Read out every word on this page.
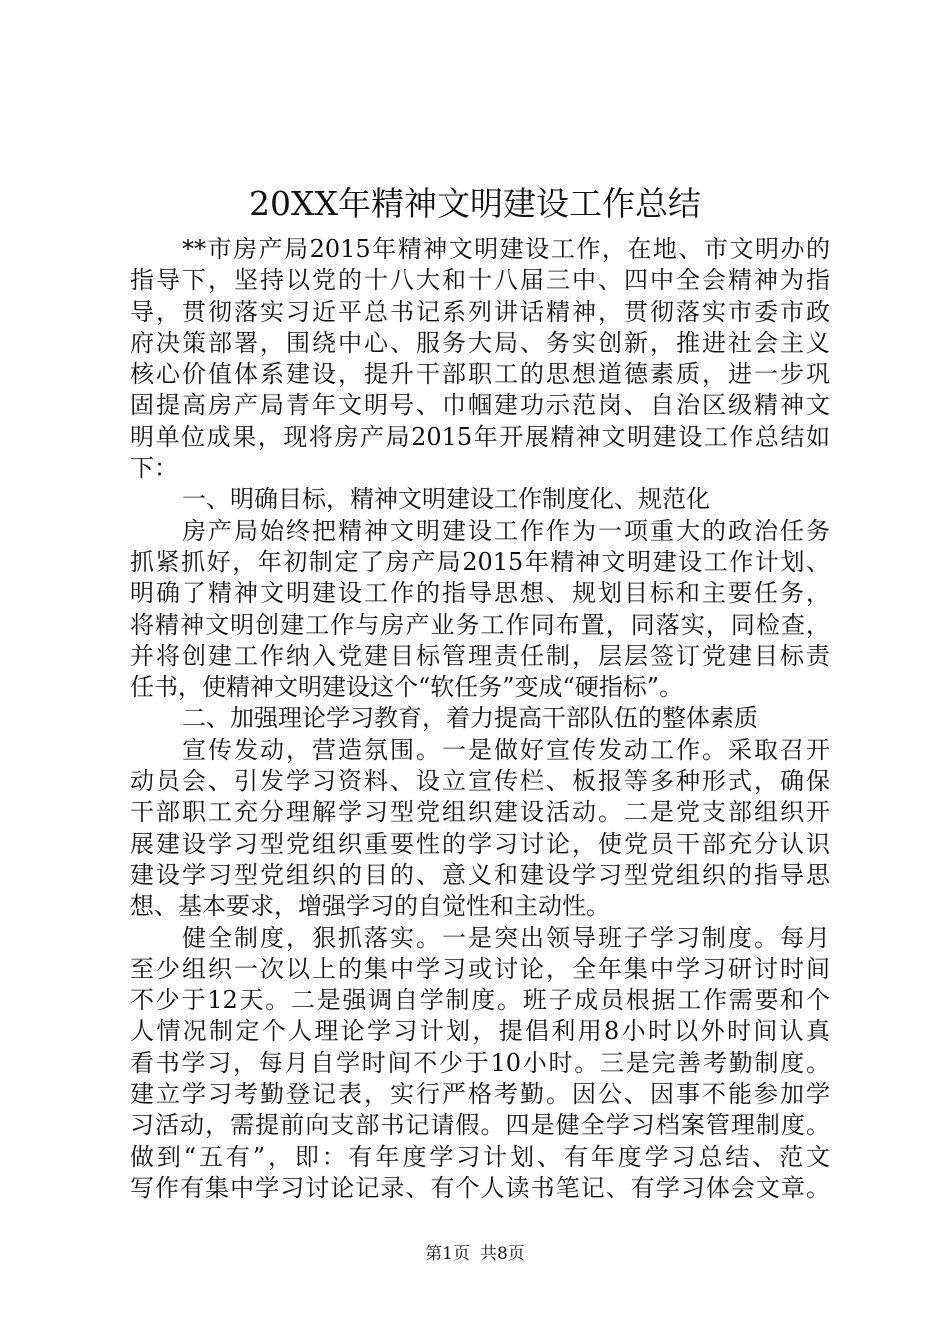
20XX年精神文明建设工作总结
**市房产局2015年精神文明建设工作，在地、市文明办的
指导下，坚持以党的十八大和十八届三中、四中全会精神为指
导，贯彻落实习近平总书记系列讲话精神，贯彻落实市委市政
府决策部署，围绕中心、服务大局、务实创新，推进社会主义
核心价值体系建设，提升干部职工的思想道德素质，进一步巩
固提高房产局青年文明号、巾帼建功示范岗、自治区级精神文
明单位成果，现将房产局2015年开展精神文明建设工作总结如
下：
一、明确目标，精神文明建设工作制度化、规范化
房产局始终把精神文明建设工作作为一项重大的政治任务
抓紧抓好，年初制定了房产局2015年精神文明建设工作计划、
明确了精神文明建设工作的指导思想、规划目标和主要任务，
将精神文明创建工作与房产业务工作同布置，同落实，同检查，
并将创建工作纳入党建目标管理责任制，层层签订党建目标责
任书，使精神文明建设这个“软任务”变成“硬指标”。
二、加强理论学习教育，着力提高干部队伍的整体素质
宣传发动，营造氛围。一是做好宣传发动工作。采取召开
动员会、引发学习资料、设立宣传栏、板报等多种形式，确保
干部职工充分理解学习型党组织建设活动。二是党支部组织开
展建设学习型党组织重要性的学习讨论，使党员干部充分认识
建设学习型党组织的目的、意义和建设学习型党组织的指导思
想、基本要求，增强学习的自觉性和主动性。
健全制度，狠抓落实。一是突出领导班子学习制度。每月
至少组织一次以上的集中学习或讨论，全年集中学习研讨时间
不少于12天。二是强调自学制度。班子成员根据工作需要和个
人情况制定个人理论学习计划，提倡利用8小时以外时间认真
看书学习，每月自学时间不少于10小时。三是完善考勤制度。
建立学习考勤登记表，实行严格考勤。因公、因事不能参加学
习活动，需提前向支部书记请假。四是健全学习档案管理制度。
做到“五有”，即：有年度学习计划、有年度学习总结、范文
写作有集中学习讨论记录、有个人读书笔记、有学习体会文章。
第1页 共8页
